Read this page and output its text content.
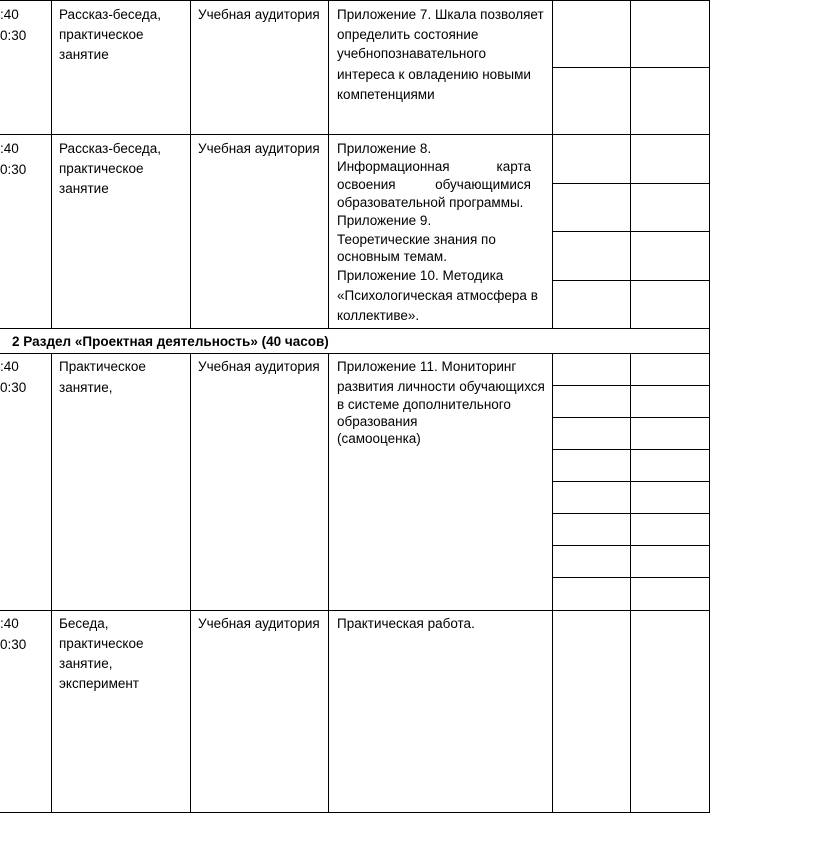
:40
0:30
Рассказ-беседа,
практическое
занятие
Учебная аудитория Приложение 7. Шкала позволяет
определить состояние
учебнопознавательного
интереса к овладению новыми
компетенциями
:40
0:30
Рассказ-беседа,
практическое
занятие
Учебная аудитория Приложение 8.
Информационная карта
освоения обучающимися
образовательной программы.
Приложение 9.
Теоретические знания по
основным темам.
Приложение 10. Методика
«Психологическая атмосфера в
коллективе».
2 Раздел «Проектная деятельность» (40 часов)
:40
0:30
Практическое
занятие,
Учебная аудитория Приложение 11. Мониторинг
развития личности обучающихся
в системе дополнительного
образования
(самооценка)
:40
0:30
Беседа,
практическое
занятие,
эксперимент
Учебная аудитория Практическая работа.
